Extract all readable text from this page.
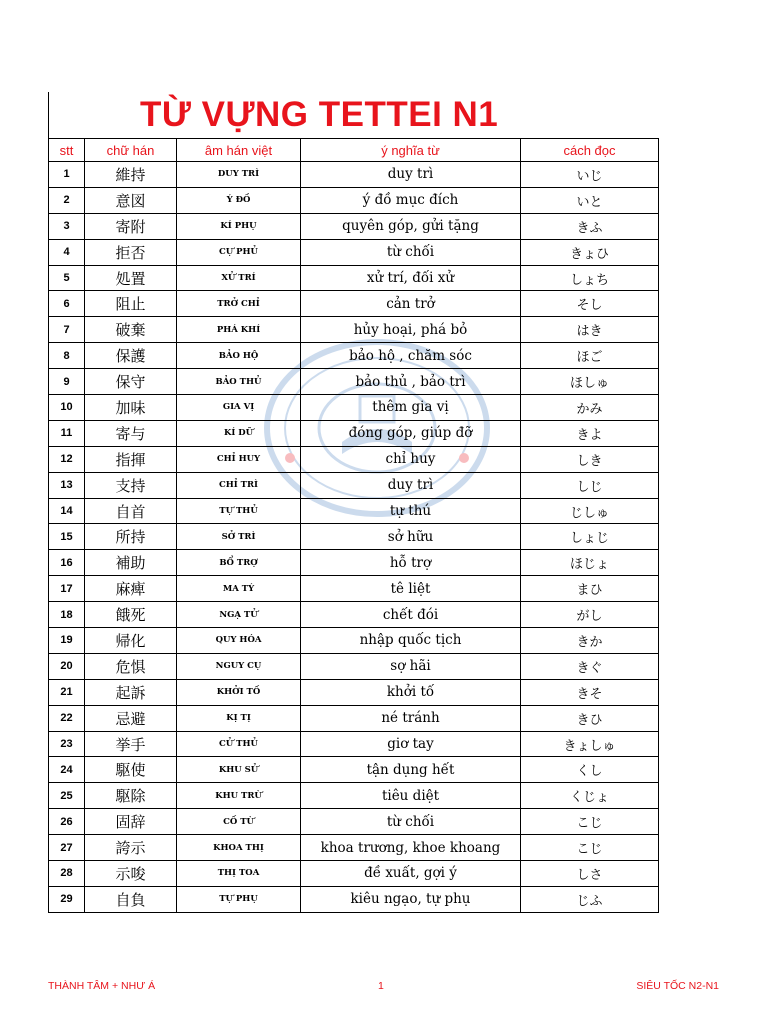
TỪ VỰNG TETTEI N1
stt	chữ hán	âm hán việt	ý nghĩa từ	cách đọc
1	維持	DUY TRÌ	duy trì	いじ
2	意図	Ý ĐỒ	ý đồ mục đích	いと
3	寄附	KÍ PHỤ	quyên góp, gửi tặng	きふ
4	拒否	CỰ PHỦ	từ chối	きょひ
5	処置	XỬ TRÍ	xử trí, đối xử	しょち
6	阻止	TRỞ CHỈ	cản trở	そし
7	破棄	PHÁ KHÍ	hủy hoại, phá bỏ	はき
8	保護	BẢO HỘ	bảo hộ , chăm sóc	ほご
9	保守	BẢO THỦ	bảo thủ , bảo trì	ほしゅ
10	加味	GIA VỊ	thêm gia vị	かみ
11	寄与	KÍ DỮ	đóng góp, giúp đỡ	きよ
12	指揮	CHỈ HUY	chỉ huy	しき
13	支持	CHỈ TRÌ	duy trì	しじ
14	自首	TỰ THỦ	tự thú	じしゅ
15	所持	SỞ TRÌ	sở hữu	しょじ
16	補助	BỔ TRỢ	hỗ trợ	ほじょ
17	麻痺	MA TÝ	tê liệt	まひ
18	餓死	NGẠ TỬ	chết đói	がし
19	帰化	QUY HÓA	nhập quốc tịch	きか
20	危惧	NGUY CỤ	sợ hãi	きぐ
21	起訴	KHỞI TỐ	khởi tố	きそ
22	忌避	KỊ TỊ	né tránh	きひ
23	挙手	CỬ THỦ	giơ tay	きょしゅ
24	駆使	KHU SỬ	tận dụng hết	くし
25	駆除	KHU TRỪ	tiêu diệt	くじょ
26	固辞	CỐ TỪ	từ chối	こじ
27	誇示	KHOA THỊ	khoa trương, khoe khoang	こじ
28	示唆	THỊ TOA	đề xuất, gợi ý	しさ
29	自負	TỰ PHỤ	kiêu ngạo, tự phụ	じふ
THÀNH TÂM + NHƯ Á	1	SIÊU TỐC N2-N1
